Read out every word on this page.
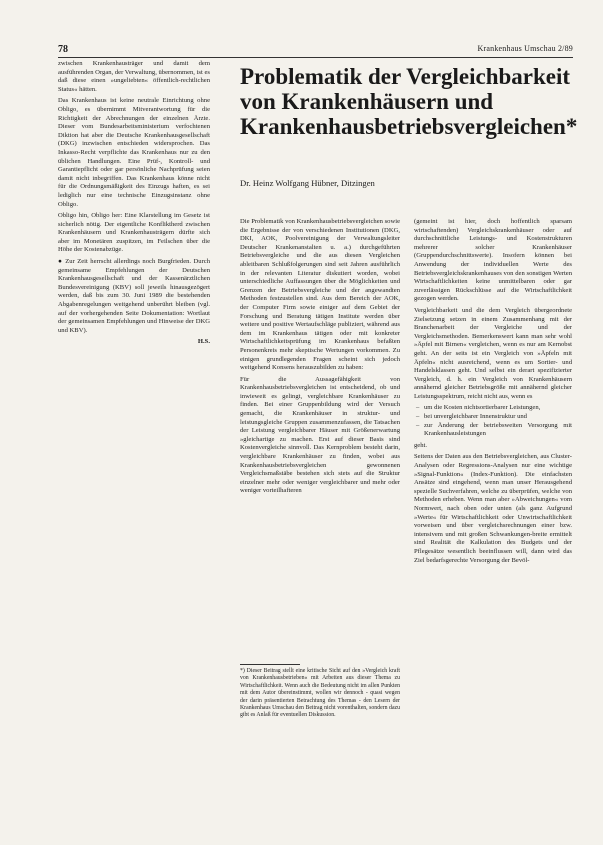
78	Krankenhaus Umschau 2/89

zwischen Krankenhausträger und damit dem ausführenden Organ, der Verwaltung, übernommen, ist es daß diese einen »ungeliebten« öffentlich-rechtlichen Status« hätten.

Das Krankenhaus ist keine neutrale Einrichtung ohne Obligo, es übernimmt Mitverantwortung für die Richtigkeit der Abrechnungen der einzelnen Ärzte. Dieser vom Bundesarbeitsministerium verfochtenen Diktion hat aber die Deutsche Krankenhausgesellschaft (DKG) inzwischen entschieden widersprochen. Das Inkasso-Recht verpflichte das Krankenhaus nur zu den üblichen Handlungen. Eine Prüf-, Kontroll- und Garantiepflicht oder gar persönliche Nachprüfung seien damit nicht inbegriffen. Das Krankenhaus könne nicht für die Ordnungsmäßigkeit des Einzugs haften, es sei lediglich nur eine technische Einzugsinstanz ohne Obligo.

Obligo hin, Obligo her: Eine Klarstellung im Gesetz ist sicherlich nötig. Der eigentliche Konfliktherd zwischen Krankenhäusern und Krankenhausträgern dürfte sich aber im Monetären zuspitzen, im Feilschen über die Höhe der Kostenabzüge.

● Zur Zeit herrscht allerdings noch Burgfrieden. Durch gemeinsame Empfehlungen der Deutschen Krankenhausgesellschaft und der Kassenärztlichen Bundesvereinigung (KBV) soll jeweils hinausgezögert werden, daß bis zum 30. Juni 1989 die bestehenden Abgabenregelungen weitgehend unberührt bleiben (vgl. auf der vorhergehenden Seite Dokumentation: Wortlaut der gemeinsamen Empfehlungen und Hinweise der DKG und KBV).

H.S.

Problematik der Vergleichbarkeit von Krankenhäusern und Krankenhausbetriebsvergleichen*
Dr. Heinz Wolfgang Hübner, Ditzingen

Die Problematik von Krankenhausbetriebsvergleichen sowie die Ergebnisse der von verschiedenen Institutionen (DKG, DKI, AOK, Poolvereinigung der Verwaltungsleiter Deutscher Krankenanstalten u. a.) durchgeführten Betriebsvergleiche und die aus diesen Vergleichen ableitbaren Schlußfolgerungen sind seit Jahren ausführlich in der relevanten Literatur diskutiert worden, wobei unterschiedliche Auffassungen über die Möglichkeiten und Grenzen der Betriebsvergleiche und der angewandten Methoden festzustellen sind. Aus dem Bereich der AOK, der Computer Firm sowie einiger auf dem Gebiet der Forschung und Beratung tätigen Institute werden über weitere und positive Wertaufschläge publiziert, während aus dem im Krankenhaus tätigen oder mit konkreter Wirtschaftlichkeitsprüfung im Krankenhaus befaßten Personenkreis mehr skeptische Wertungen vorkommen. Zu einigen grundlegenden Fragen scheint sich jedoch weitgehend Konsens herauszubilden zu haben:

Für die Aussagefähigkeit von Krankenhausbetriebsvergleichen ist entscheidend, ob und inwieweit es gelingt, vergleichbare Krankenhäuser zu finden. Bei einer Gruppenbildung wird der Versuch gemacht, die Krankenhäuser in struktur- und leistungsgleiche Gruppen zusammenzufassen, die Tatsachen der Leistung vergleichbarer Häuser mit Größenerwartung »gleichartige zu machen. Erst auf dieser Basis sind Kostenvergleiche sinnvoll. Das Kernproblem besteht darin, vergleichbare Krankenhäuser zu finden, wobei aus Krankenhausbetriebsvergleichen gewonnenen Vergleichsmaßstäbe bestehen sich stets auf die Struktur einzelner mehr oder weniger vergleichbarer und mehr oder weniger vorteilhafteren

*) Dieser Beitrag stellt eine kritische Sicht auf den »Vergleich kraft von Krankenhausbetrieben« mit Arbeiten aus dieser Thema zu Wirtschaftlichkeit. Wenn auch die Bedeutung nicht im allen Punkten mit dem Autor übereinstimmt, wollen wir dennoch - quasi wegen der darin präsentierten Betrachtung des Themas - den Lesern der Krankenhaus Umschau den Beitrag nicht vorenthalten, sondern dazu gibt es Anlaß für eventuellen Diskussion.

(gemeint ist hier, doch hoffentlich sparsam wirtschaftenden) Vergleichskrankenhäuser oder auf durchschnittliche Leistungs- und Kostenstrukturen mehrerer solcher Krankenhäuser (Gruppendurchschnittswerte). Insofern können bei Anwendung der individuellen Werte des Betriebsvergleichskrankenhauses von den sonstigen Werten Wirtschaftlichkeiten keine unmittelbaren oder gar zuverlässigen Rückschlüsse auf die Wirtschaftlichkeit gezogen werden.

Vergleichbarkeit und die dem Vergleich übergeordnete Zielsetzung setzen in einem Zusammenhang mit der Branchenarbeit der Vergleiche und der Vergleichsmethoden. Bemerkenswert kann man sehr wohl »Äpfel mit Birnen« vergleichen, wenn es nur am Kernobst geht. An der seits ist ein Vergleich von »Äpfeln mit Äpfeln« nicht ausreichend, wenn es um Sortier- und Handelsklassen geht. Und selbst ein derart spezifizierter Vergleich, d. h. ein Vergleich von Krankenhäusern annähernd gleicher Betriebsgröße mit annähernd gleicher Leistungsspektrum, reicht nicht aus, wenn es

– um die Kosten nichtsortierbarer Leistungen,
– bei unvergleichbarer Innenstruktur und
– zur Änderung der betriebsweiten Versorgung mit Krankenhausleistungen

geht.

Seitens der Daten aus den Betriebsvergleichen, aus Cluster-Analysen oder Regressions-Analysen nur eine wichtige »Signal-Funktion« (Index-Funktion). Die einfachsten Ansätze sind eingehend, wenn man unser Herausgehend spezielle Suchverfahren, welche zu überprüfen, welche von Methoden erheben. Wenn man aber »Abweichungen« vom Normwert, nach oben oder unten (als ganz Aufgrund »Werte« für Wirtschaftlichkeit oder Unwirtschaftlichkeit vorweisen und über vergleichsrechnungen einer bzw. intensivem und mit großen Schwankungen-breite ermittelt sind Realität die Kalkulation des Budgets und der Pflegesätze wesentlich beeinflussen will, dann wird das Ziel bedarfsgerechte Versorgung der Bevöl-
